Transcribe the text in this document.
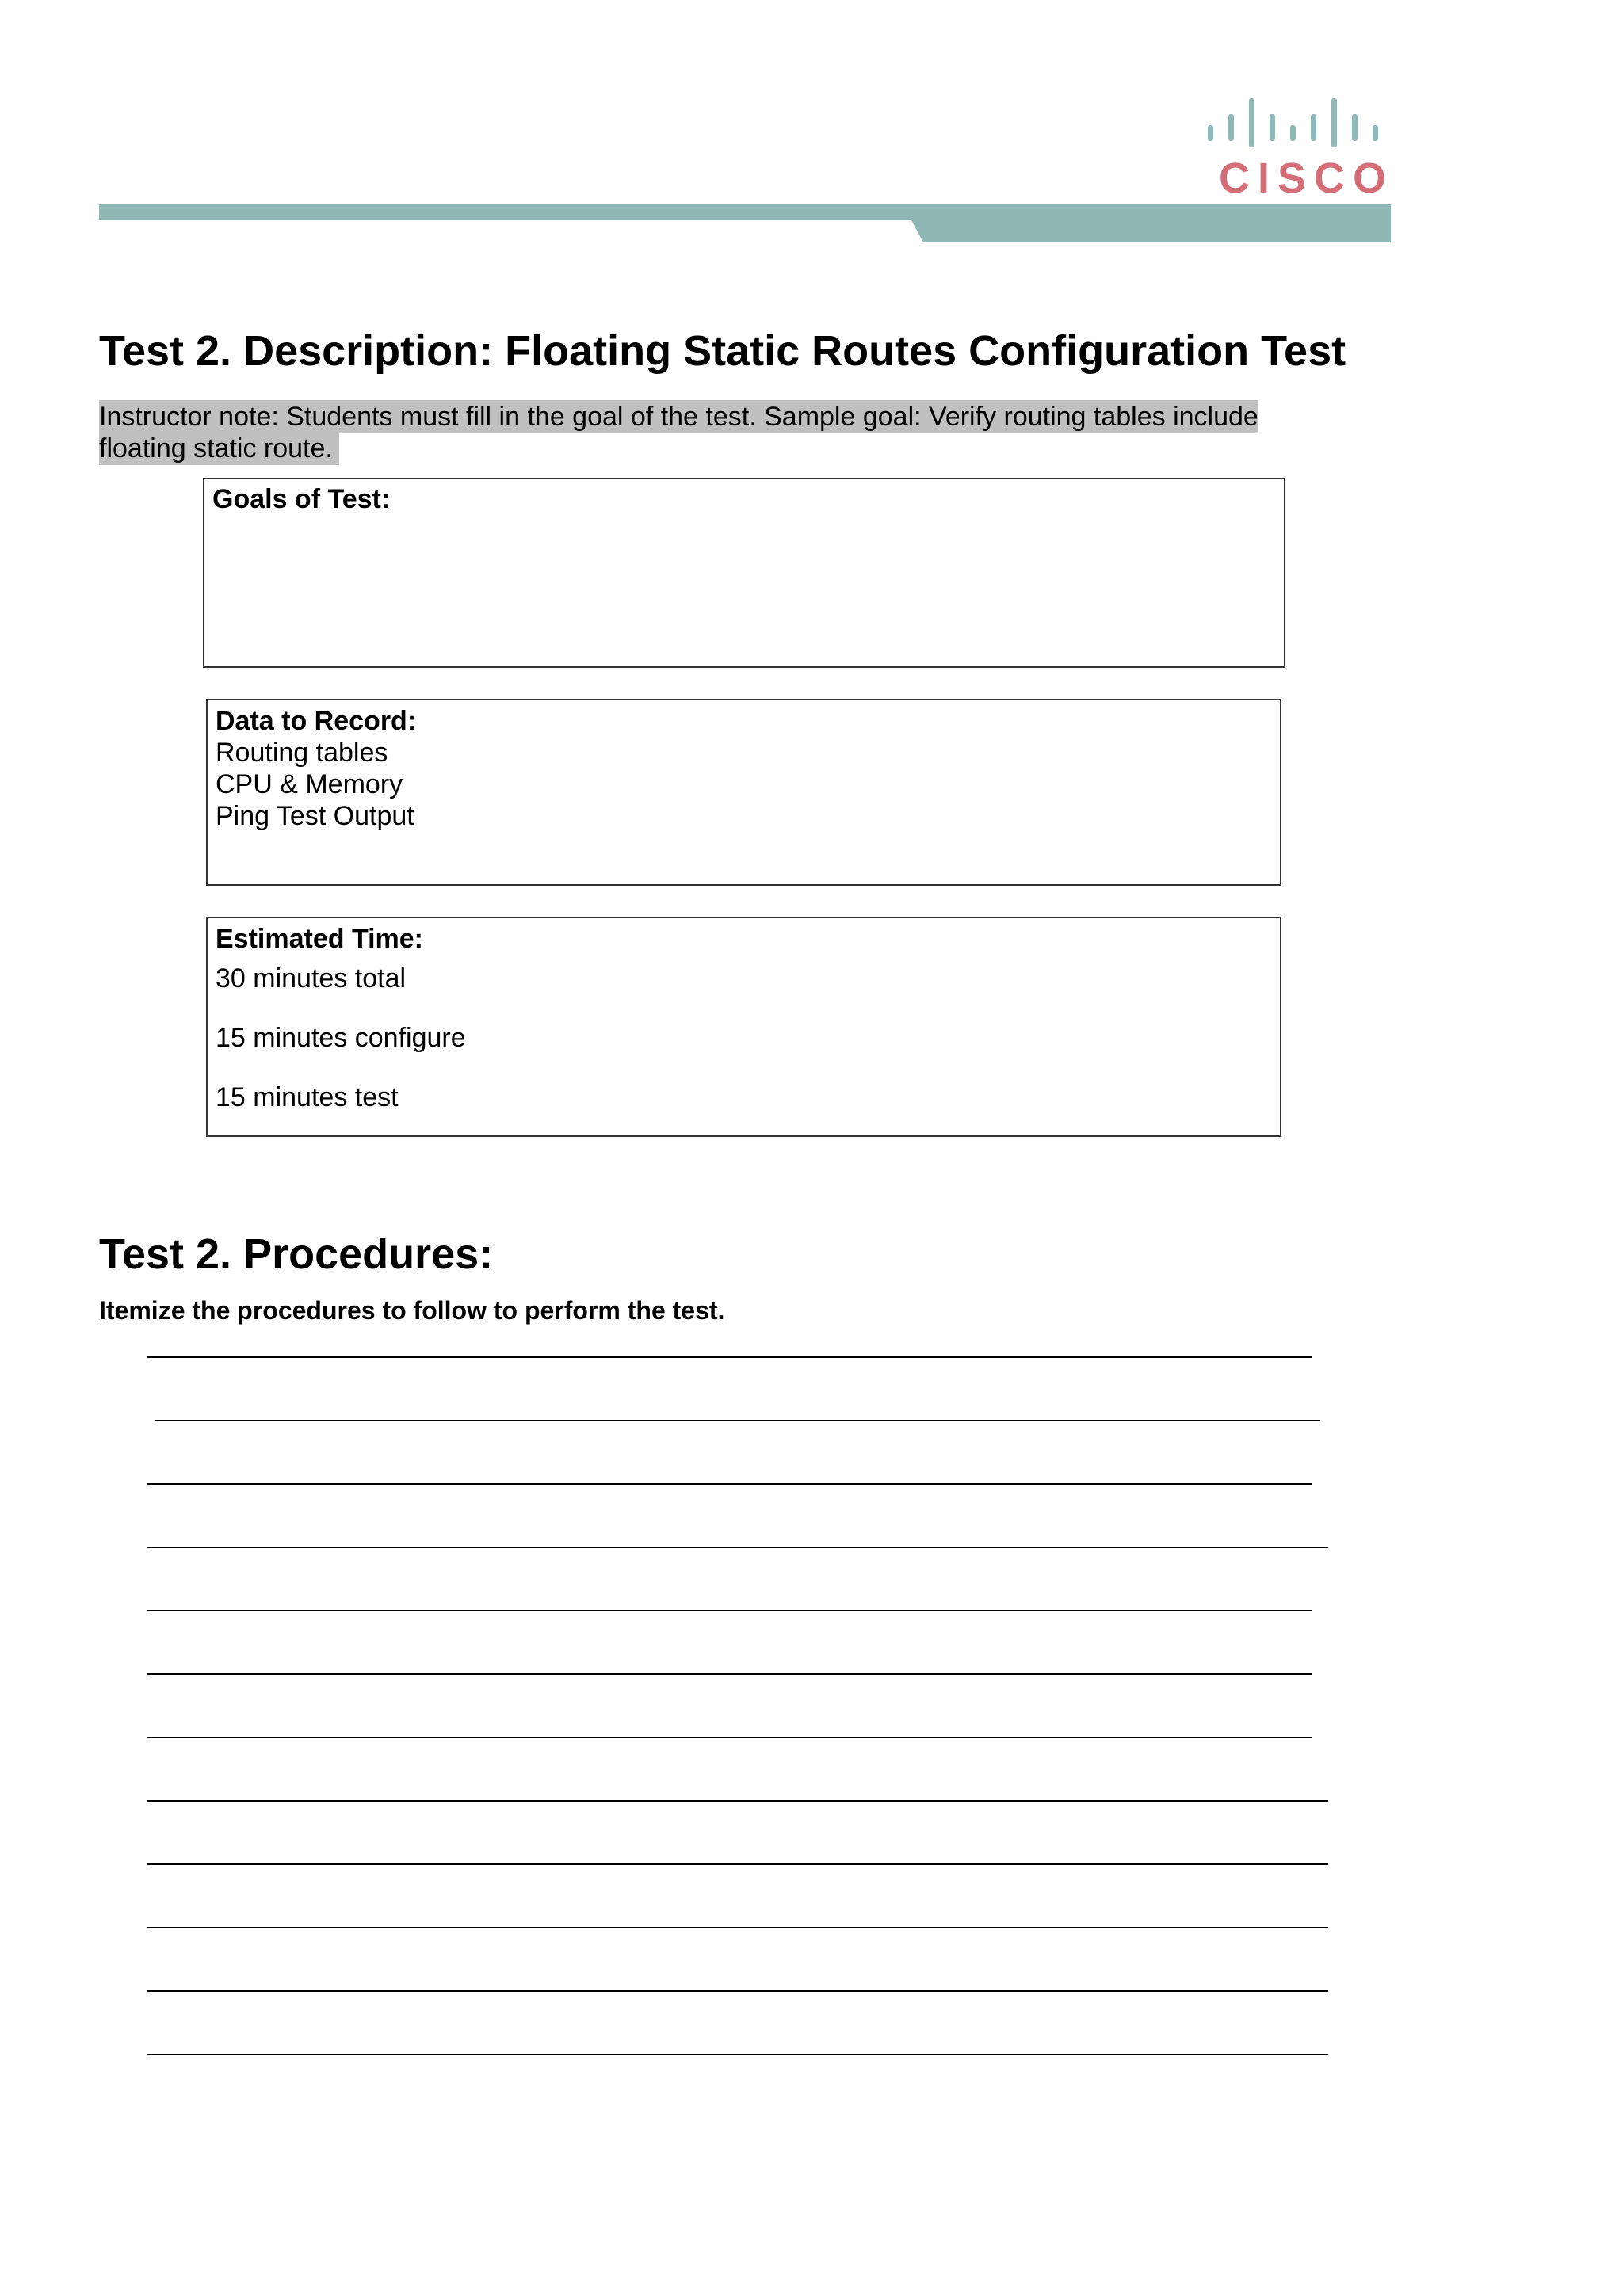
CISCO
Test 2. Description: Floating Static Routes Configuration Test

Instructor note: Students must fill in the goal of the test. Sample goal: Verify routing tables include floating static route.

Goals of Test:
Data to Record:
Routing tables
CPU & Memory
Ping Test Output
Estimated Time:
30 minutes total
15 minutes configure
15 minutes test
Test 2. Procedures:

Itemize the procedures to follow to perform the test.
